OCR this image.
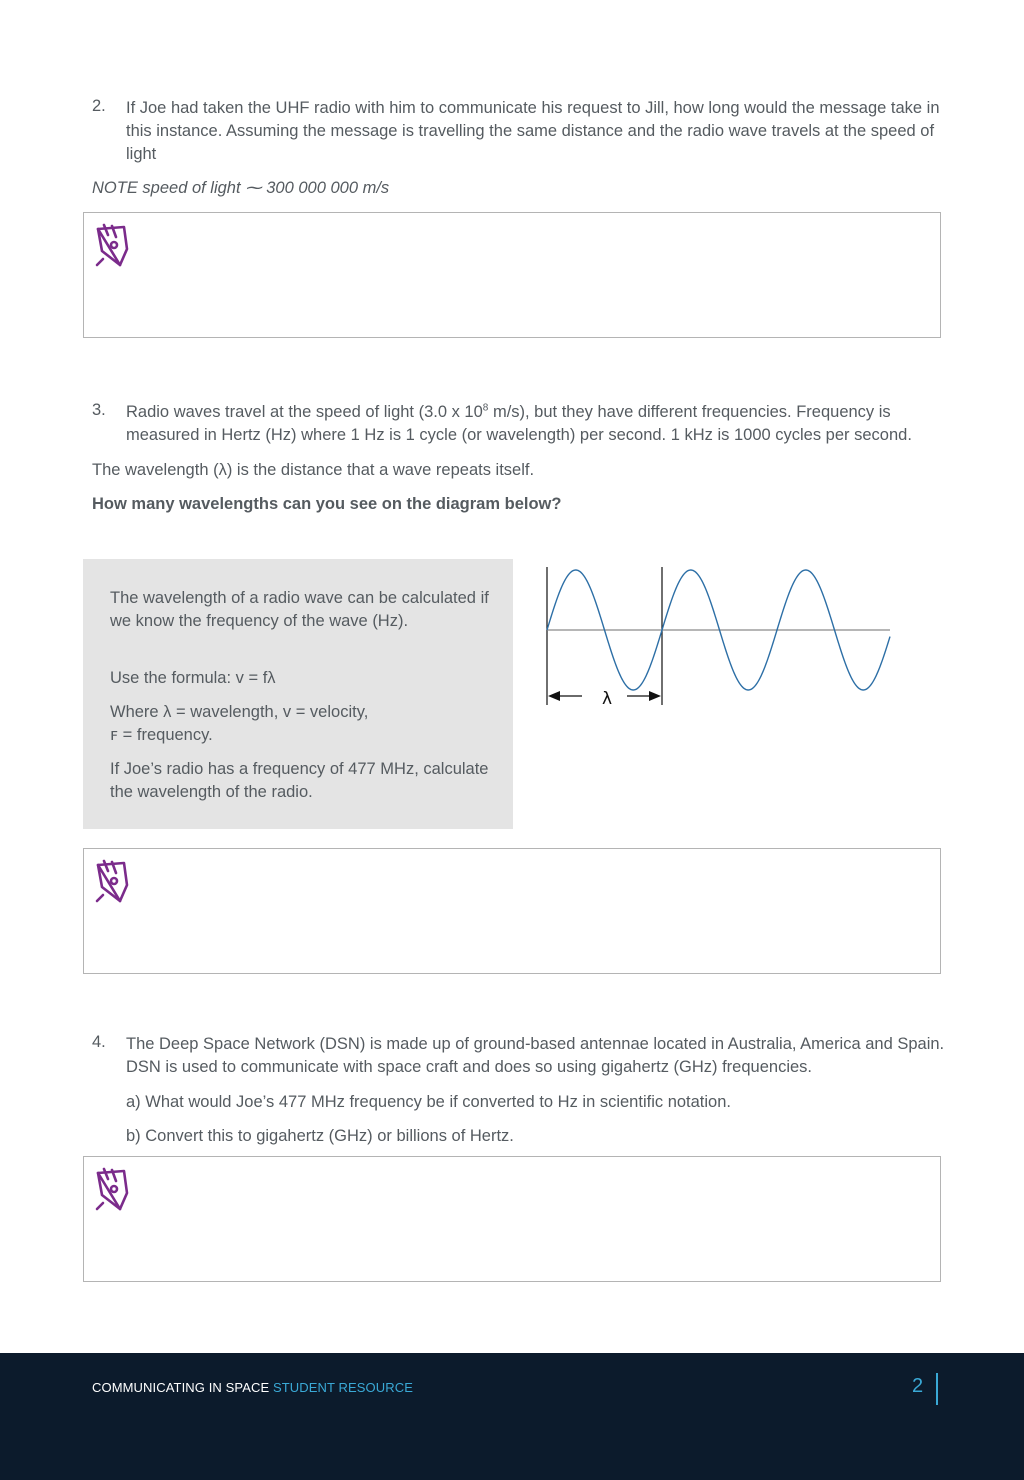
2. If Joe had taken the UHF radio with him to communicate his request to Jill, how long would the message take in this instance. Assuming the message is travelling the same distance and the radio wave travels at the speed of light
NOTE speed of light ⁓ 300 000 000 m/s
3. Radio waves travel at the speed of light (3.0 x $10^8$ m/s), but they have different frequencies. Frequency is measured in Hertz (Hz) where 1 Hz is 1 cycle (or wavelength) per second. 1 kHz is 1000 cycles per second.
The wavelength (λ) is the distance that a wave repeats itself.
How many wavelengths can you see on the diagram below?

The wavelength of a radio wave can be calculated if we know the frequency of the wave (Hz).

Use the formula: v = fλ

Where λ = wavelength, v = velocity,

ꜰ = frequency.

If Joe’s radio has a frequency of 477 MHz, calculate the wavelength of the radio.

λ
4. The Deep Space Network (DSN) is made up of ground-based antennae located in Australia, America and Spain. DSN is used to communicate with space craft and does so using gigahertz (GHz) frequencies.
a) What would Joe’s 477 MHz frequency be if converted to Hz in scientific notation.
b) Convert this to gigahertz (GHz) or billions of Hertz.
COMMUNICATING IN SPACE STUDENT RESOURCE	2
